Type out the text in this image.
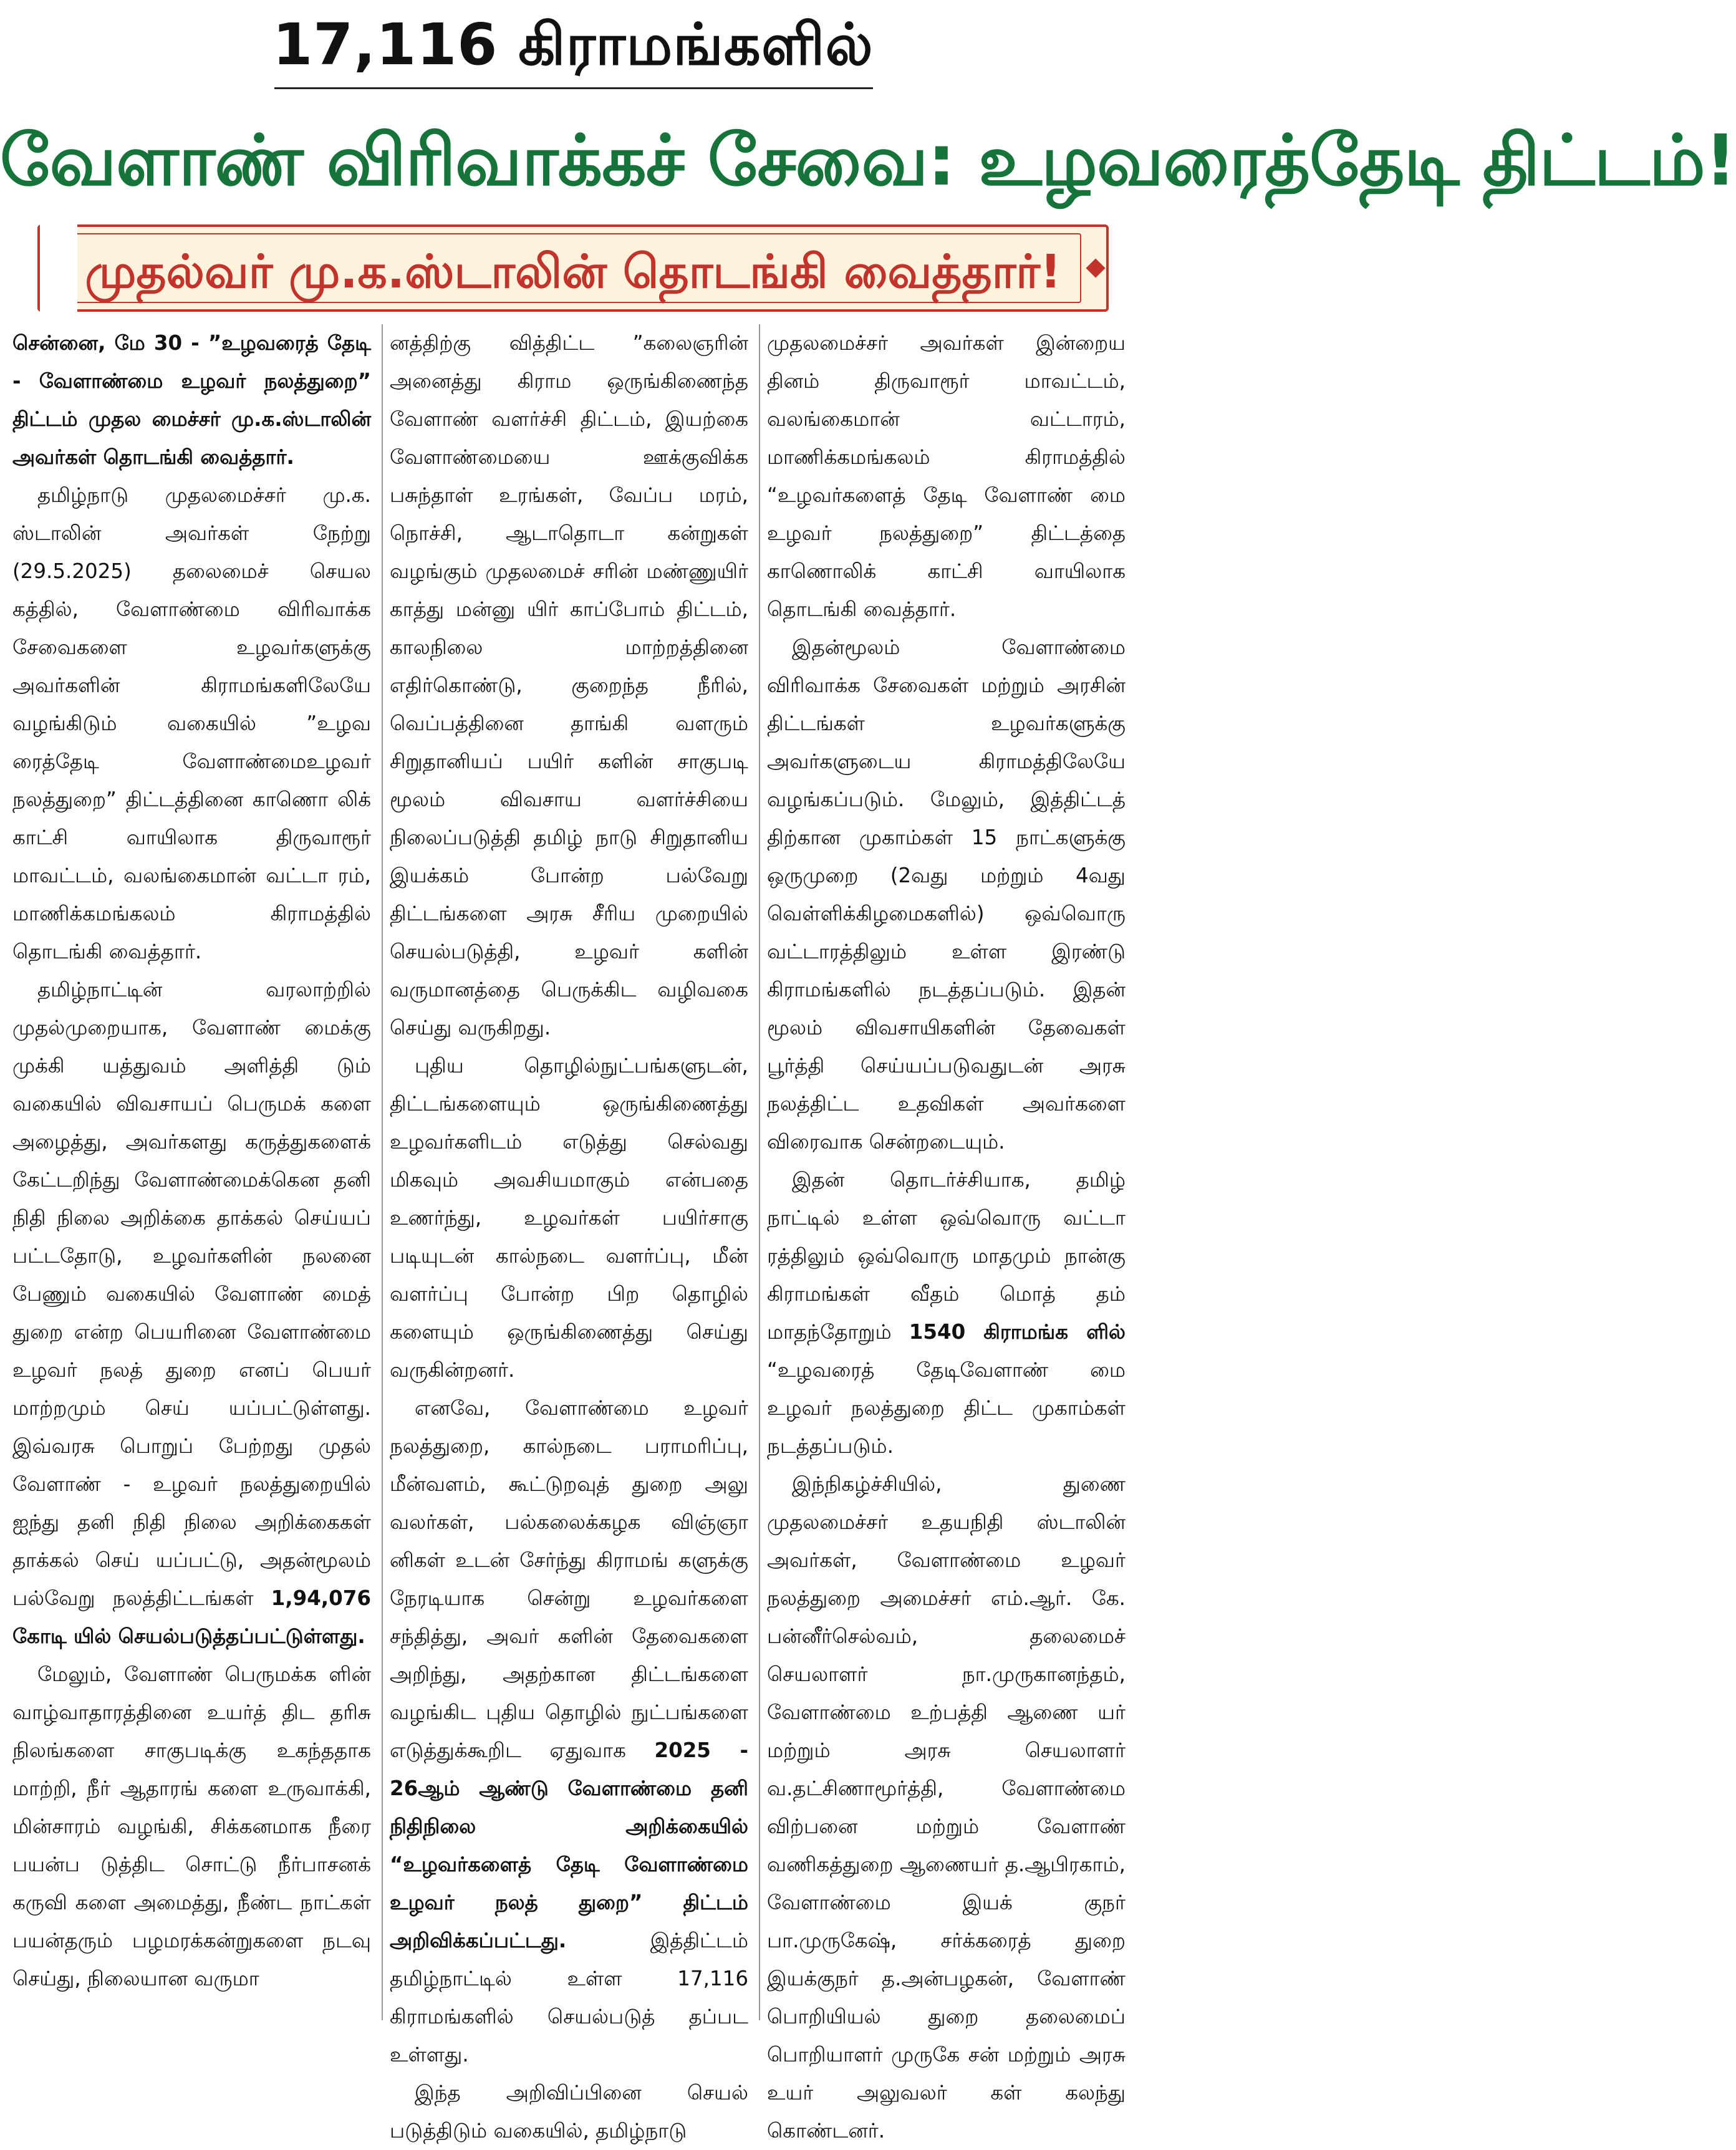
17,116 கிராமங்களில்
வேளாண் விரிவாக்கச் சேவை: உழவரைத்தேடி திட்டம்!
முதல்வர் மு.க.ஸ்டாலின் தொடங்கி வைத்தார்!

சென்னை, மே 30 - ”உழவரைத் தேடி - வேளாண்மை உழவர் நலத்துறை” திட்டம் முதல மைச்சர் மு.க.ஸ்டாலின் அவர்கள் தொடங்கி வைத்தார்.

தமிழ்நாடு முதலமைச்சர் மு.க. ஸ்டாலின் அவர்கள் நேற்று (29.5.2025) தலைமைச் செயல கத்தில், வேளாண்மை விரிவாக்க சேவைகளை உழவர்களுக்கு அவர்களின் கிராமங்களிலேயே வழங்கிடும் வகையில் ”உழவ ரைத்தேடி வேளாண்மைஉழவர் நலத்துறை” திட்டத்தினை காணொ லிக் காட்சி வாயிலாக திருவாரூர் மாவட்டம், வலங்கைமான் வட்டா ரம், மாணிக்கமங்கலம் கிராமத்தில் தொடங்கி வைத்தார்.

தமிழ்நாட்டின் வரலாற்றில் முதல்முறையாக, வேளாண் மைக்கு முக்கி யத்துவம் அளித்தி டும் வகையில் விவசாயப் பெருமக் களை அழைத்து, அவர்களது கருத்துகளைக் கேட்டறிந்து வேளாண்மைக்கென தனி நிதி நிலை அறிக்கை தாக்கல் செய்யப் பட்டதோடு, உழவர்களின் நலனை பேணும் வகையில் வேளாண் மைத் துறை என்ற பெயரினை வேளாண்மை உழவர் நலத் துறை எனப் பெயர் மாற்றமும் செய் யப்பட்டுள்ளது. இவ்வரசு பொறுப் பேற்றது முதல் வேளாண் - உழவர் நலத்துறையில் ஐந்து தனி நிதி நிலை அறிக்கைகள் தாக்கல் செய் யப்பட்டு, அதன்மூலம் பல்வேறு நலத்திட்டங்கள் 1,94,076 கோடி யில் செயல்படுத்தப்பட்டுள்ளது.

மேலும், வேளாண் பெருமக்க ளின் வாழ்வாதாரத்தினை உயர்த் திட தரிசு நிலங்களை சாகுபடிக்கு உகந்ததாக மாற்றி, நீர் ஆதாரங் களை உருவாக்கி, மின்சாரம் வழங்கி, சிக்கனமாக நீரை பயன்ப டுத்திட சொட்டு நீர்பாசனக் கருவி களை அமைத்து, நீண்ட நாட்கள் பயன்தரும் பழமரக்கன்றுகளை நடவு செய்து, நிலையான வருமா

னத்திற்கு வித்திட்ட ”கலைஞரின் அனைத்து கிராம ஒருங்கிணைந்த வேளாண் வளர்ச்சி திட்டம், இயற்கை வேளாண்மையை ஊக்குவிக்க பசுந்தாள் உரங்கள், வேப்ப மரம், நொச்சி, ஆடாதொடா கன்றுகள் வழங்கும் முதலமைச் சரின் மண்ணுயிர் காத்து மன்னு யிர் காப்போம் திட்டம், காலநிலை மாற்றத்தினை எதிர்கொண்டு, குறைந்த நீரில், வெப்பத்தினை தாங்கி வளரும் சிறுதானியப் பயிர் களின் சாகுபடி மூலம் விவசாய வளர்ச்சியை நிலைப்படுத்தி தமிழ் நாடு சிறுதானிய இயக்கம் போன்ற பல்வேறு திட்டங்களை அரசு சீரிய முறையில் செயல்படுத்தி, உழவர் களின் வருமானத்தை பெருக்கிட வழிவகை செய்து வருகிறது.

புதிய தொழில்நுட்பங்களுடன், திட்டங்களையும் ஒருங்கிணைத்து உழவர்களிடம் எடுத்து செல்வது மிகவும் அவசியமாகும் என்பதை உணர்ந்து, உழவர்கள் பயிர்சாகு படியுடன் கால்நடை வளர்ப்பு, மீன் வளர்ப்பு போன்ற பிற தொழில் களையும் ஒருங்கிணைத்து செய்து வருகின்றனர்.

எனவே, வேளாண்மை உழவர் நலத்துறை, கால்நடை பராமரிப்பு, மீன்வளம், கூட்டுறவுத் துறை அலு வலர்கள், பல்கலைக்கழக விஞ்ஞா னிகள் உடன் சேர்ந்து கிராமங் களுக்கு நேரடியாக சென்று உழவர்களை சந்தித்து, அவர் களின் தேவைகளை அறிந்து, அதற்கான திட்டங்களை வழங்கிட புதிய தொழில் நுட்பங்களை எடுத்துக்கூறிட ஏதுவாக 2025 - 26ஆம் ஆண்டு வேளாண்மை தனி நிதிநிலை அறிக்கையில் “உழவர்களைத் தேடி வேளாண்மை உழவர் நலத் துறை” திட்டம் அறிவிக்கப்பட்டது. இத்திட்டம் தமிழ்நாட்டில் உள்ள 17,116 கிராமங்களில் செயல்படுத் தப்பட உள்ளது.

இந்த அறிவிப்பினை செயல் படுத்திடும் வகையில், தமிழ்நாடு

முதலமைச்சர் அவர்கள் இன்றைய தினம் திருவாரூர் மாவட்டம், வலங்கைமான் வட்டாரம், மாணிக்கமங்கலம் கிராமத்தில் “உழவர்களைத் தேடி வேளாண் மை உழவர் நலத்துறை” திட்டத்தை காணொலிக் காட்சி வாயிலாக தொடங்கி வைத்தார்.

இதன்மூலம் வேளாண்மை விரிவாக்க சேவைகள் மற்றும் அரசின் திட்டங்கள் உழவர்களுக்கு அவர்களுடைய கிராமத்திலேயே வழங்கப்படும். மேலும், இத்திட்டத் திற்கான முகாம்கள் 15 நாட்களுக்கு ஒருமுறை (2வது மற்றும் 4வது வெள்ளிக்கிழமைகளில்) ஒவ்வொரு வட்டாரத்திலும் உள்ள இரண்டு கிராமங்களில் நடத்தப்படும். இதன் மூலம் விவசாயிகளின் தேவைகள் பூர்த்தி செய்யப்படுவதுடன் அரசு நலத்திட்ட உதவிகள் அவர்களை விரைவாக சென்றடையும்.

இதன் தொடர்ச்சியாக, தமிழ் நாட்டில் உள்ள ஒவ்வொரு வட்டா ரத்திலும் ஒவ்வொரு மாதமும் நான்கு கிராமங்கள் வீதம் மொத் தம் மாதந்தோறும் 1540 கிராமங்க ளில் “உழவரைத் தேடிவேளாண் மை உழவர் நலத்துறை திட்ட முகாம்கள் நடத்தப்படும்.

இந்நிகழ்ச்சியில், துணை முதலமைச்சர் உதயநிதி ஸ்டாலின் அவர்கள், வேளாண்மை உழவர் நலத்துறை அமைச்சர் எம்.ஆர். கே. பன்னீர்செல்வம், தலைமைச் செயலாளர் நா.முருகானந்தம், வேளாண்மை உற்பத்தி ஆணை யர் மற்றும் அரசு செயலாளர் வ.தட்சிணாமூர்த்தி, வேளாண்மை விற்பனை மற்றும் வேளாண் வணிகத்துறை ஆணையர் த.ஆபிரகாம், வேளாண்மை இயக் குநர் பா.முருகேஷ், சர்க்கரைத் துறை இயக்குநர் த.அன்பழகன், வேளாண் பொறியியல் துறை தலைமைப் பொறியாளர் முருகே சன் மற்றும் அரசு உயர் அலுவலர் கள் கலந்து கொண்டனர்.
